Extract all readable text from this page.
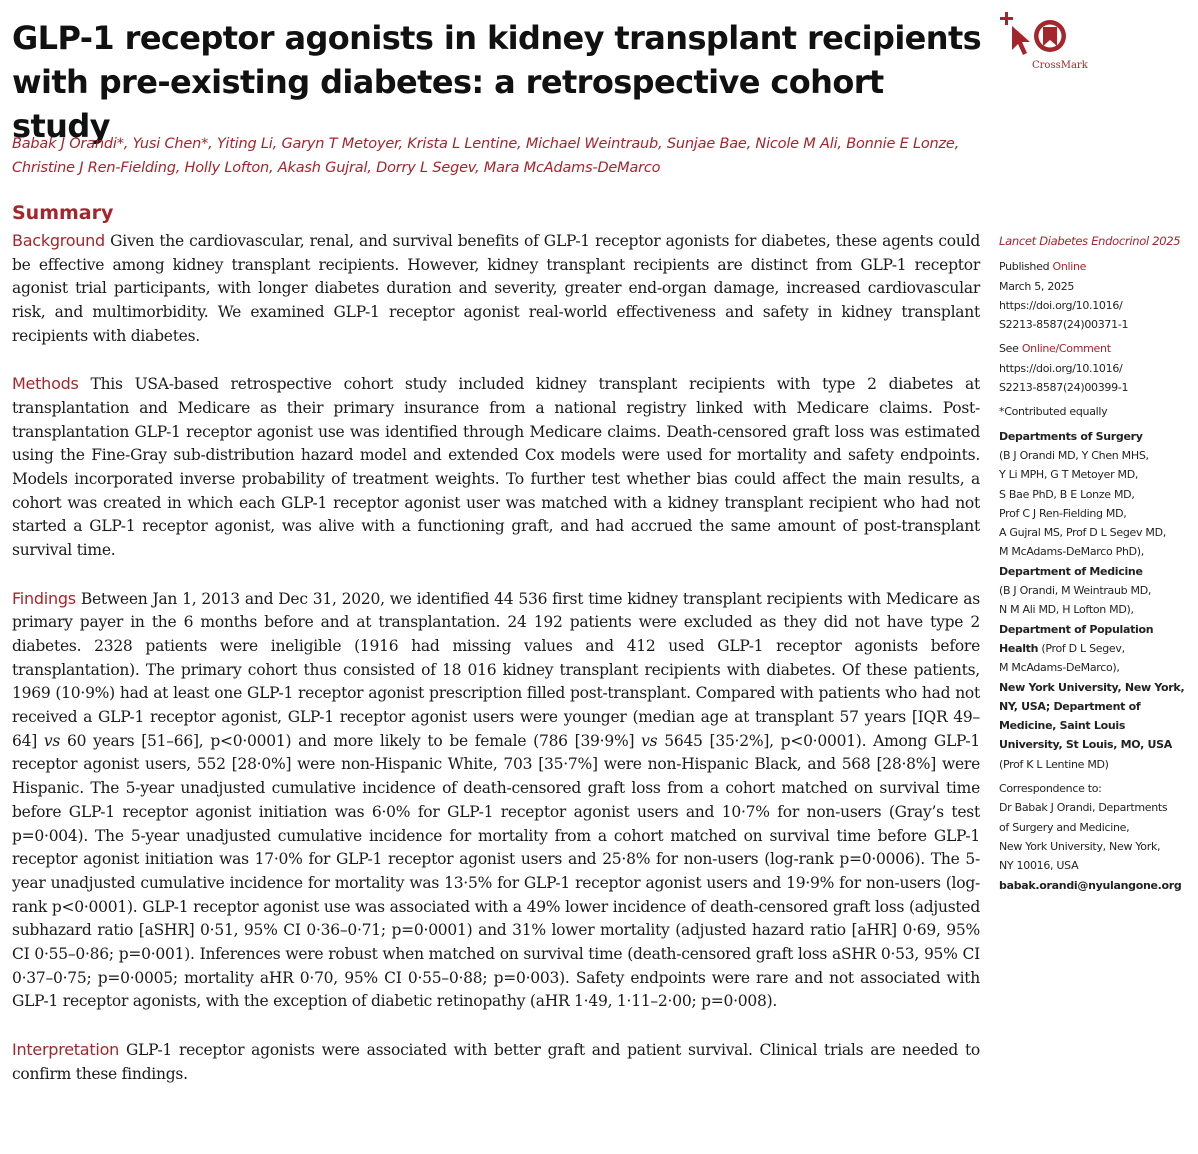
GLP-1 receptor agonists in kidney transplant recipients with pre-existing diabetes: a retrospective cohort study
CrossMark
Babak J Orandi*, Yusi Chen*, Yiting Li, Garyn T Metoyer, Krista L Lentine, Michael Weintraub, Sunjae Bae, Nicole M Ali, Bonnie E Lonze,
Christine J Ren-Fielding, Holly Lofton, Akash Gujral, Dorry L Segev, Mara McAdams-DeMarco
Summary

Background Given the cardiovascular, renal, and survival benefits of GLP-1 receptor agonists for diabetes, these agents could be effective among kidney transplant recipients. However, kidney transplant recipients are distinct from GLP-1 receptor agonist trial participants, with longer diabetes duration and severity, greater end-organ damage, increased cardiovascular risk, and multimorbidity. We examined GLP-1 receptor agonist real-world effectiveness and safety in kidney transplant recipients with diabetes.

Methods This USA-based retrospective cohort study included kidney transplant recipients with type 2 diabetes at transplantation and Medicare as their primary insurance from a national registry linked with Medicare claims. Post-transplantation GLP-1 receptor agonist use was identified through Medicare claims. Death-censored graft loss was estimated using the Fine-Gray sub-distribution hazard model and extended Cox models were used for mortality and safety endpoints. Models incorporated inverse probability of treatment weights. To further test whether bias could affect the main results, a cohort was created in which each GLP-1 receptor agonist user was matched with a kidney transplant recipient who had not started a GLP-1 receptor agonist, was alive with a functioning graft, and had accrued the same amount of post-transplant survival time.

Findings Between Jan 1, 2013 and Dec 31, 2020, we identified 44 536 first time kidney transplant recipients with Medicare as primary payer in the 6 months before and at transplantation. 24 192 patients were excluded as they did not have type 2 diabetes. 2328 patients were ineligible (1916 had missing values and 412 used GLP-1 receptor agonists before transplantation). The primary cohort thus consisted of 18 016 kidney transplant recipients with diabetes. Of these patients, 1969 (10·9%) had at least one GLP-1 receptor agonist prescription filled post-transplant. Compared with patients who had not received a GLP-1 receptor agonist, GLP-1 receptor agonist users were younger (median age at transplant 57 years [IQR 49–64] vs 60 years [51–66], p<0·0001) and more likely to be female (786 [39·9%] vs 5645 [35·2%], p<0·0001). Among GLP-1 receptor agonist users, 552 [28·0%] were non-Hispanic White, 703 [35·7%] were non-Hispanic Black, and 568 [28·8%] were Hispanic. The 5-year unadjusted cumulative incidence of death-censored graft loss from a cohort matched on survival time before GLP-1 receptor agonist initiation was 6·0% for GLP-1 receptor agonist users and 10·7% for non-users (Gray’s test p=0·004). The 5-year unadjusted cumulative incidence for mortality from a cohort matched on survival time before GLP-1 receptor agonist initiation was 17·0% for GLP-1 receptor agonist users and 25·8% for non-users (log-rank p=0·0006). The 5-year unadjusted cumulative incidence for mortality was 13·5% for GLP-1 receptor agonist users and 19·9% for non-users (log-rank p<0·0001). GLP-1 receptor agonist use was associated with a 49% lower incidence of death-censored graft loss (adjusted subhazard ratio [aSHR] 0·51, 95% CI 0·36–0·71; p=0·0001) and 31% lower mortality (adjusted hazard ratio [aHR] 0·69, 95% CI 0·55–0·86; p=0·001). Inferences were robust when matched on survival time (death-censored graft loss aSHR 0·53, 95% CI 0·37–0·75; p=0·0005; mortality aHR 0·70, 95% CI 0·55–0·88; p=0·003). Safety endpoints were rare and not associated with GLP-1 receptor agonists, with the exception of diabetic retinopathy (aHR 1·49, 1·11–2·00; p=0·008).

Interpretation GLP-1 receptor agonists were associated with better graft and patient survival. Clinical trials are needed to confirm these findings.

Lancet Diabetes Endocrinol 2025
Published Online
March 5, 2025
https://doi.org/10.1016/
S2213-8587(24)00371-1
See Online/Comment
https://doi.org/10.1016/
S2213-8587(24)00399-1
*Contributed equally
Departments of Surgery
(B J Orandi MD, Y Chen MHS,
Y Li MPH, G T Metoyer MD,
S Bae PhD, B E Lonze MD,
Prof C J Ren-Fielding MD,
A Gujral MS, Prof D L Segev MD,
M McAdams-DeMarco PhD),
Department of Medicine
(B J Orandi, M Weintraub MD,
N M Ali MD, H Lofton MD),
Department of Population
Health (Prof D L Segev,
M McAdams-DeMarco),
New York University, New York,
NY, USA; Department of
Medicine, Saint Louis
University, St Louis, MO, USA
(Prof K L Lentine MD)
Correspondence to:
Dr Babak J Orandi, Departments
of Surgery and Medicine,
New York University, New York,
NY 10016, USA
babak.orandi@nyulangone.org
